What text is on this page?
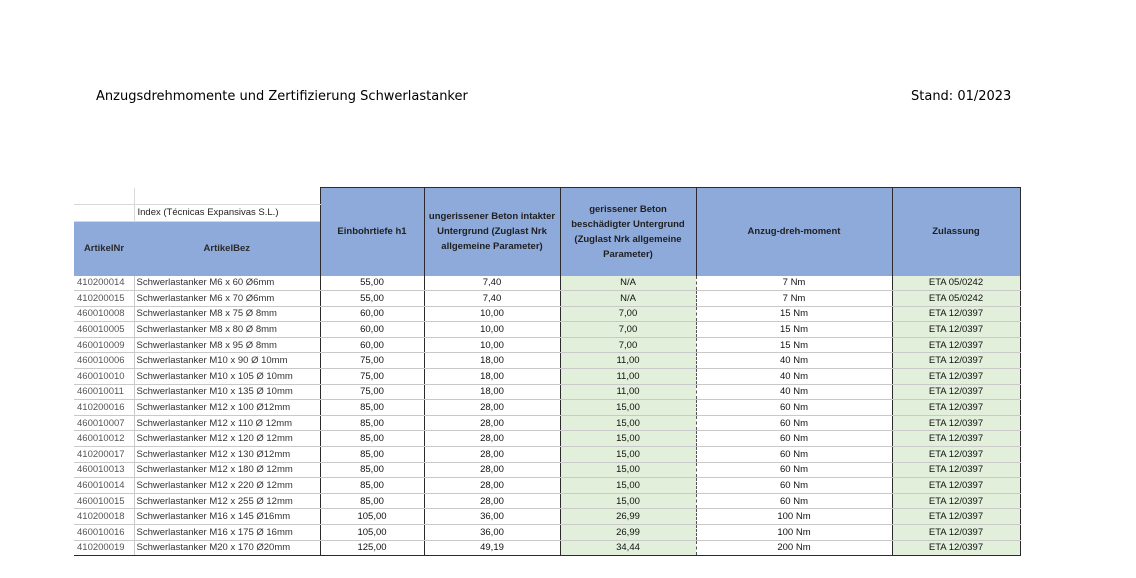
Anzugsdrehmomente und Zertifizierung Schwerlastanker	Stand: 01/2023
		Einbohrtiefe h1	ungerissener Beton intakter Untergrund (Zuglast Nrk allgemeine Parameter)	gerissener Beton beschädigter Untergrund (Zuglast Nrk allgemeine Parameter)	Anzug-dreh-moment	Zulassung
	Index (Técnicas Expansivas S.L.)					
ArtikelNr	ArtikelBez					
410200014	Schwerlastanker M6 x 60 Ø6mm	55,00	7,40	N/A	7 Nm	ETA 05/0242
410200015	Schwerlastanker M6 x 70 Ø6mm	55,00	7,40	N/A	7 Nm	ETA 05/0242
460010008	Schwerlastanker M8 x 75 Ø 8mm	60,00	10,00	7,00	15 Nm	ETA 12/0397
460010005	Schwerlastanker M8 x 80 Ø 8mm	60,00	10,00	7,00	15 Nm	ETA 12/0397
460010009	Schwerlastanker M8 x 95 Ø 8mm	60,00	10,00	7,00	15 Nm	ETA 12/0397
460010006	Schwerlastanker M10 x 90 Ø 10mm	75,00	18,00	11,00	40 Nm	ETA 12/0397
460010010	Schwerlastanker M10 x 105 Ø 10mm	75,00	18,00	11,00	40 Nm	ETA 12/0397
460010011	Schwerlastanker M10 x 135 Ø 10mm	75,00	18,00	11,00	40 Nm	ETA 12/0397
410200016	Schwerlastanker M12 x 100 Ø12mm	85,00	28,00	15,00	60 Nm	ETA 12/0397
460010007	Schwerlastanker M12 x 110 Ø 12mm	85,00	28,00	15,00	60 Nm	ETA 12/0397
460010012	Schwerlastanker M12 x 120 Ø 12mm	85,00	28,00	15,00	60 Nm	ETA 12/0397
410200017	Schwerlastanker M12 x 130 Ø12mm	85,00	28,00	15,00	60 Nm	ETA 12/0397
460010013	Schwerlastanker M12 x 180 Ø 12mm	85,00	28,00	15,00	60 Nm	ETA 12/0397
460010014	Schwerlastanker M12 x 220 Ø 12mm	85,00	28,00	15,00	60 Nm	ETA 12/0397
460010015	Schwerlastanker M12 x 255 Ø 12mm	85,00	28,00	15,00	60 Nm	ETA 12/0397
410200018	Schwerlastanker M16 x 145 Ø16mm	105,00	36,00	26,99	100 Nm	ETA 12/0397
460010016	Schwerlastanker M16 x 175 Ø 16mm	105,00	36,00	26,99	100 Nm	ETA 12/0397
410200019	Schwerlastanker M20 x 170 Ø20mm	125,00	49,19	34,44	200 Nm	ETA 12/0397
